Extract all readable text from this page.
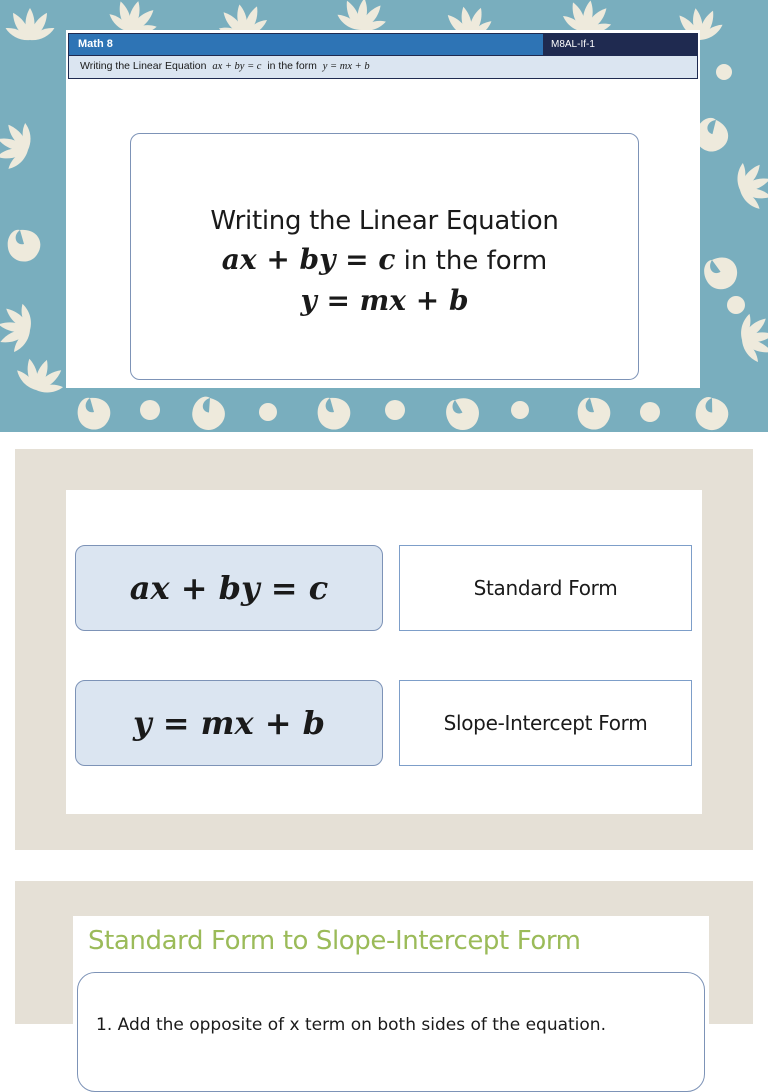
Math 8	M8AL-If-1
Writing the Linear Equation ax + by = c in the form y = mx + b
Writing the Linear Equation
ax + by = c in the form
y = mx + b
ax + by = c	Standard Form
y = mx + b	Slope-Intercept Form
Standard Form to Slope-Intercept Form
1. Add the opposite of x term on both sides of the equation.
